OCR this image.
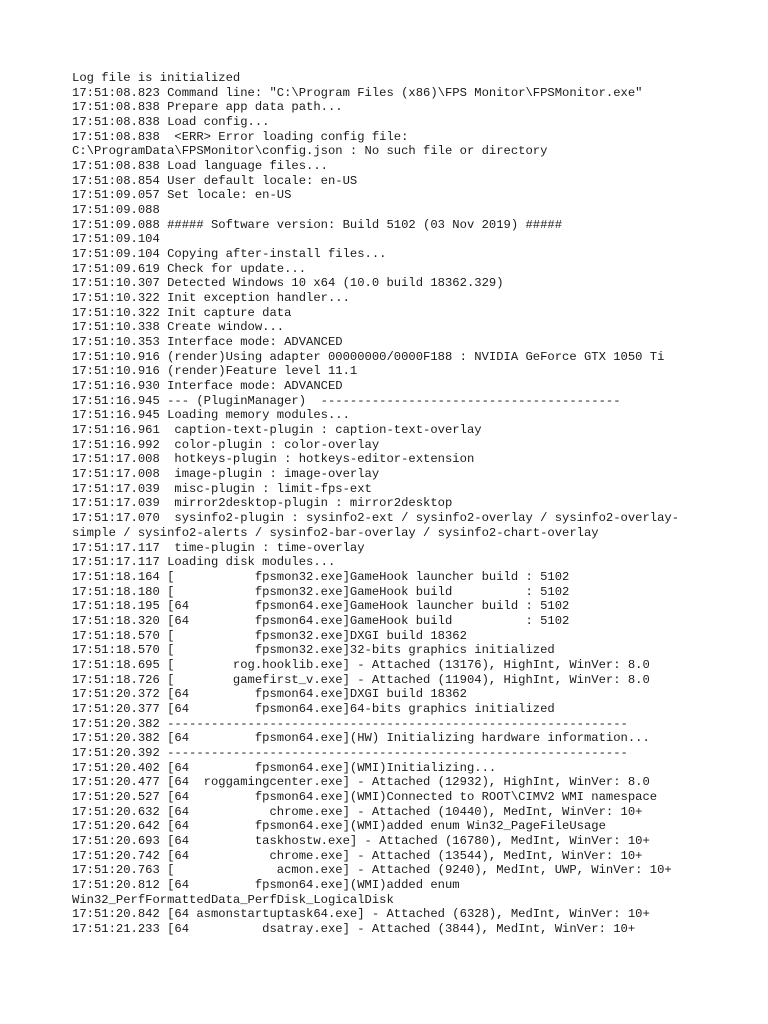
Log file is initialized
17:51:08.823 Command line: "C:\Program Files (x86)\FPS Monitor\FPSMonitor.exe"
17:51:08.838 Prepare app data path...
17:51:08.838 Load config...
17:51:08.838  <ERR> Error loading config file:
C:\ProgramData\FPSMonitor\config.json : No such file or directory
17:51:08.838 Load language files...
17:51:08.854 User default locale: en-US
17:51:09.057 Set locale: en-US
17:51:09.088
17:51:09.088 ##### Software version: Build 5102 (03 Nov 2019) #####
17:51:09.104
17:51:09.104 Copying after-install files...
17:51:09.619 Check for update...
17:51:10.307 Detected Windows 10 x64 (10.0 build 18362.329)
17:51:10.322 Init exception handler...
17:51:10.322 Init capture data
17:51:10.338 Create window...
17:51:10.353 Interface mode: ADVANCED
17:51:10.916 (render)Using adapter 00000000/0000F188 : NVIDIA GeForce GTX 1050 Ti
17:51:10.916 (render)Feature level 11.1
17:51:16.930 Interface mode: ADVANCED
17:51:16.945 --- (PluginManager)  -----------------------------------------
17:51:16.945 Loading memory modules...
17:51:16.961  caption-text-plugin : caption-text-overlay
17:51:16.992  color-plugin : color-overlay
17:51:17.008  hotkeys-plugin : hotkeys-editor-extension
17:51:17.008  image-plugin : image-overlay
17:51:17.039  misc-plugin : limit-fps-ext
17:51:17.039  mirror2desktop-plugin : mirror2desktop
17:51:17.070  sysinfo2-plugin : sysinfo2-ext / sysinfo2-overlay / sysinfo2-overlay-
simple / sysinfo2-alerts / sysinfo2-bar-overlay / sysinfo2-chart-overlay
17:51:17.117  time-plugin : time-overlay
17:51:17.117 Loading disk modules...
17:51:18.164 [           fpsmon32.exe]GameHook launcher build : 5102
17:51:18.180 [           fpsmon32.exe]GameHook build          : 5102
17:51:18.195 [64         fpsmon64.exe]GameHook launcher build : 5102
17:51:18.320 [64         fpsmon64.exe]GameHook build          : 5102
17:51:18.570 [           fpsmon32.exe]DXGI build 18362
17:51:18.570 [           fpsmon32.exe]32-bits graphics initialized
17:51:18.695 [        rog.hooklib.exe] - Attached (13176), HighInt, WinVer: 8.0
17:51:18.726 [        gamefirst_v.exe] - Attached (11904), HighInt, WinVer: 8.0
17:51:20.372 [64         fpsmon64.exe]DXGI build 18362
17:51:20.377 [64         fpsmon64.exe]64-bits graphics initialized
17:51:20.382 ---------------------------------------------------------------
17:51:20.382 [64         fpsmon64.exe](HW) Initializing hardware information...
17:51:20.392 ---------------------------------------------------------------
17:51:20.402 [64         fpsmon64.exe](WMI)Initializing...
17:51:20.477 [64  roggamingcenter.exe] - Attached (12932), HighInt, WinVer: 8.0
17:51:20.527 [64         fpsmon64.exe](WMI)Connected to ROOT\CIMV2 WMI namespace
17:51:20.632 [64           chrome.exe] - Attached (10440), MedInt, WinVer: 10+
17:51:20.642 [64         fpsmon64.exe](WMI)added enum Win32_PageFileUsage
17:51:20.693 [64         taskhostw.exe] - Attached (16780), MedInt, WinVer: 10+
17:51:20.742 [64           chrome.exe] - Attached (13544), MedInt, WinVer: 10+
17:51:20.763 [              acmon.exe] - Attached (9240), MedInt, UWP, WinVer: 10+
17:51:20.812 [64         fpsmon64.exe](WMI)added enum
Win32_PerfFormattedData_PerfDisk_LogicalDisk
17:51:20.842 [64 asmonstartuptask64.exe] - Attached (6328), MedInt, WinVer: 10+
17:51:21.233 [64          dsatray.exe] - Attached (3844), MedInt, WinVer: 10+
